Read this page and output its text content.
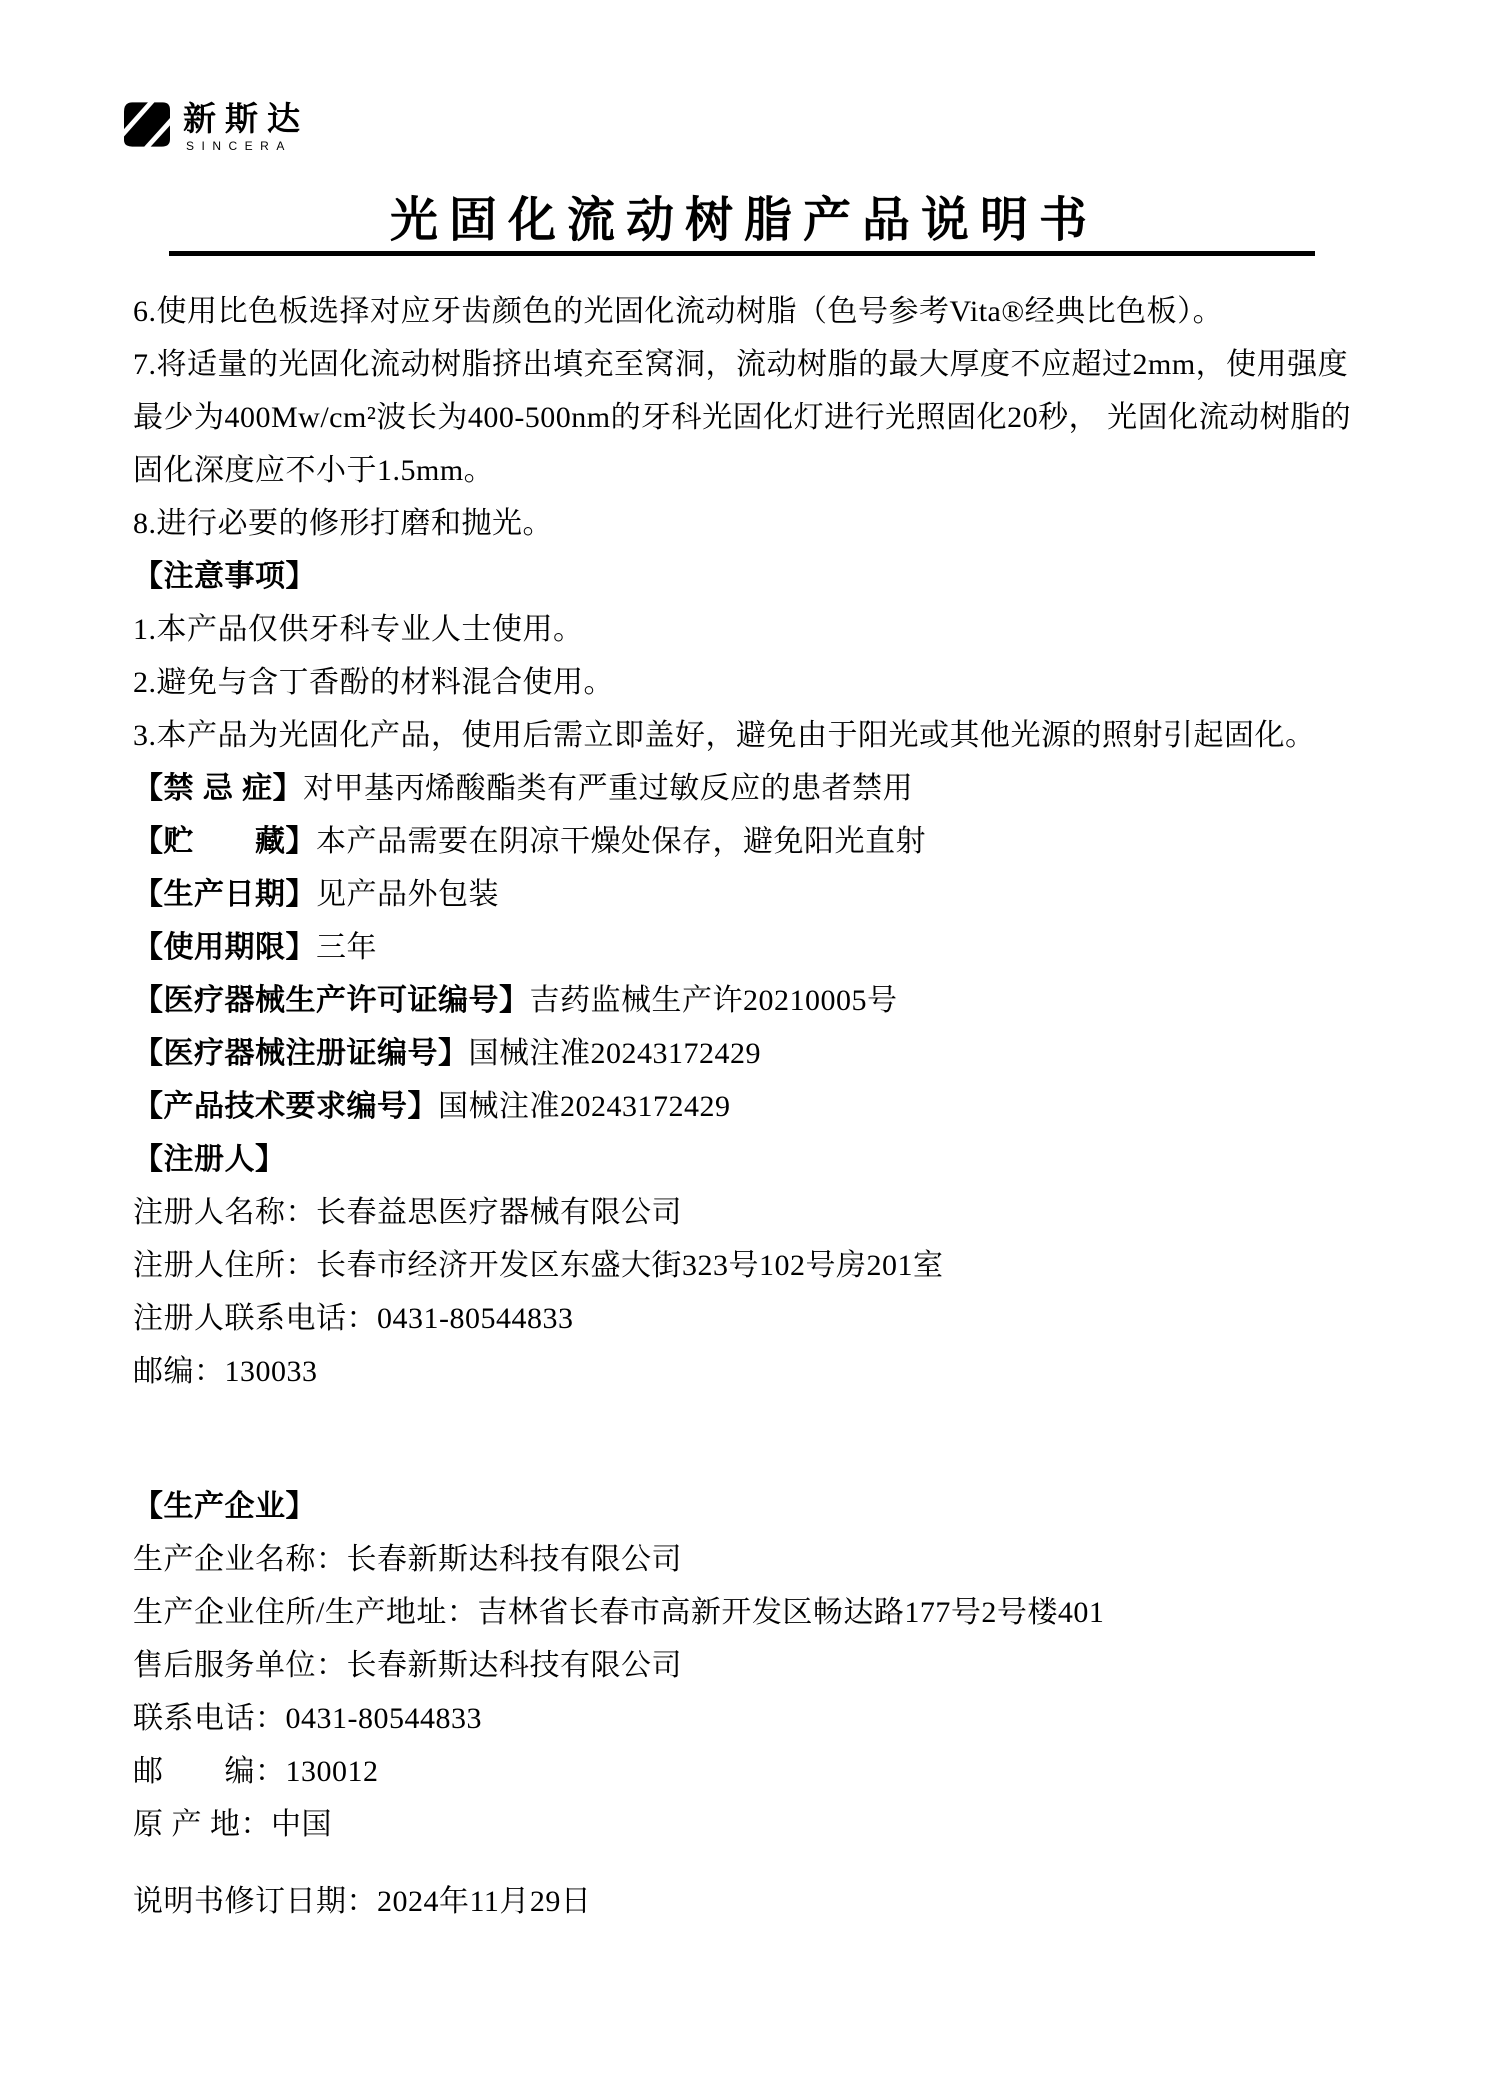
新斯达
SINCERA
光固化流动树脂产品说明书
6.使用比色板选择对应牙齿颜色的光固化流动树脂（色号参考Vita®经典比色板）。
7.将适量的光固化流动树脂挤出填充至窝洞，流动树脂的最大厚度不应超过2mm，使用强度
最少为400Mw/cm²波长为400-500nm的牙科光固化灯进行光照固化20秒， 光固化流动树脂的
固化深度应不小于1.5mm。
8.进行必要的修形打磨和抛光。
【注意事项】
1.本产品仅供牙科专业人士使用。
2.避免与含丁香酚的材料混合使用。
3.本产品为光固化产品，使用后需立即盖好，避免由于阳光或其他光源的照射引起固化。
【禁 忌 症】对甲基丙烯酸酯类有严重过敏反应的患者禁用
【贮　　藏】本产品需要在阴凉干燥处保存，避免阳光直射
【生产日期】见产品外包装
【使用期限】三年
【医疗器械生产许可证编号】吉药监械生产许20210005号
【医疗器械注册证编号】国械注准20243172429
【产品技术要求编号】国械注准20243172429
【注册人】
注册人名称：长春益思医疗器械有限公司
注册人住所：长春市经济开发区东盛大街323号102号房201室
注册人联系电话：0431-80544833
邮编：130033
【生产企业】
生产企业名称：长春新斯达科技有限公司
生产企业住所/生产地址：吉林省长春市高新开发区畅达路177号2号楼401
售后服务单位：长春新斯达科技有限公司
联系电话：0431-80544833
邮　　编：130012
原 产 地：中国
说明书修订日期：2024年11月29日
